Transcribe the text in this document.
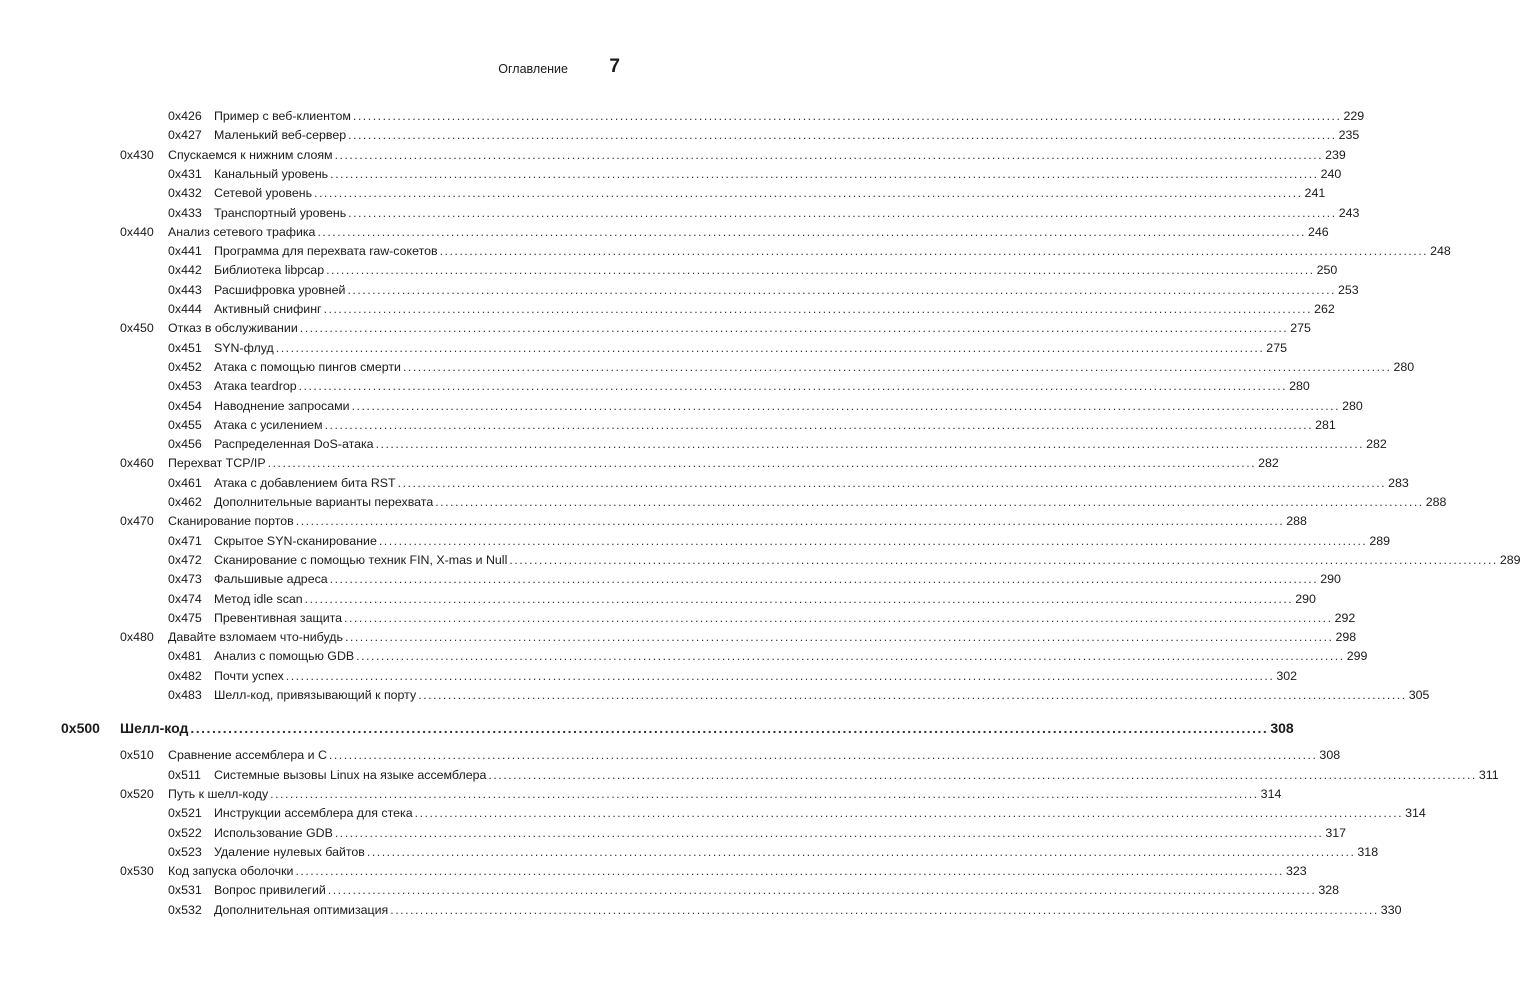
Оглавление 7
0x426 Пример с веб-клиентом ........................................................................................................................................................................................................ 229
0x427 Маленький веб-сервер ........................................................................................................................................................................................................ 235
0x430 Спускаемся к нижним слоям ........................................................................................................................................................................................................ 239
0x431 Канальный уровень ........................................................................................................................................................................................................ 240
0x432 Сетевой уровень ........................................................................................................................................................................................................ 241
0x433 Транспортный уровень ........................................................................................................................................................................................................ 243
0x440 Анализ сетевого трафика ........................................................................................................................................................................................................ 246
0x441 Программа для перехвата raw-сокетов ........................................................................................................................................................................................................ 248
0x442 Библиотека libpcap ........................................................................................................................................................................................................ 250
0x443 Расшифровка уровней ........................................................................................................................................................................................................ 253
0x444 Активный снифинг ........................................................................................................................................................................................................ 262
0x450 Отказ в обслуживании ........................................................................................................................................................................................................ 275
0x451 SYN-флуд ........................................................................................................................................................................................................ 275
0x452 Атака с помощью пингов смерти ........................................................................................................................................................................................................ 280
0x453 Атака teardrop ........................................................................................................................................................................................................ 280
0x454 Наводнение запросами ........................................................................................................................................................................................................ 280
0x455 Атака с усилением ........................................................................................................................................................................................................ 281
0x456 Распределенная DoS-атака ........................................................................................................................................................................................................ 282
0x460 Перехват TCP/IP ........................................................................................................................................................................................................ 282
0x461 Атака с добавлением бита RST ........................................................................................................................................................................................................ 283
0x462 Дополнительные варианты перехвата ........................................................................................................................................................................................................ 288
0x470 Сканирование портов ........................................................................................................................................................................................................ 288
0x471 Скрытое SYN-сканирование ........................................................................................................................................................................................................ 289
0x472 Сканирование с помощью техник FIN, X-mas и Null ........................................................................................................................................................................................................ 289
0x473 Фальшивые адреса ........................................................................................................................................................................................................ 290
0x474 Метод idle scan ........................................................................................................................................................................................................ 290
0x475 Превентивная защита ........................................................................................................................................................................................................ 292
0x480 Давайте взломаем что-нибудь ........................................................................................................................................................................................................ 298
0x481 Анализ с помощью GDB ........................................................................................................................................................................................................ 299
0x482 Почти успех ........................................................................................................................................................................................................ 302
0x483 Шелл-код, привязывающий к порту ........................................................................................................................................................................................................ 305
0x500 Шелл-код ........................................................................................................................................................................................................ 308
0x510 Сравнение ассемблера и C ........................................................................................................................................................................................................ 308
0x511 Системные вызовы Linux на языке ассемблера ........................................................................................................................................................................................................ 311
0x520 Путь к шелл-коду ........................................................................................................................................................................................................ 314
0x521 Инструкции ассемблера для стека ........................................................................................................................................................................................................ 314
0x522 Использование GDB ........................................................................................................................................................................................................ 317
0x523 Удаление нулевых байтов ........................................................................................................................................................................................................ 318
0x530 Код запуска оболочки ........................................................................................................................................................................................................ 323
0x531 Вопрос привилегий ........................................................................................................................................................................................................ 328
0x532 Дополнительная оптимизация ........................................................................................................................................................................................................ 330
